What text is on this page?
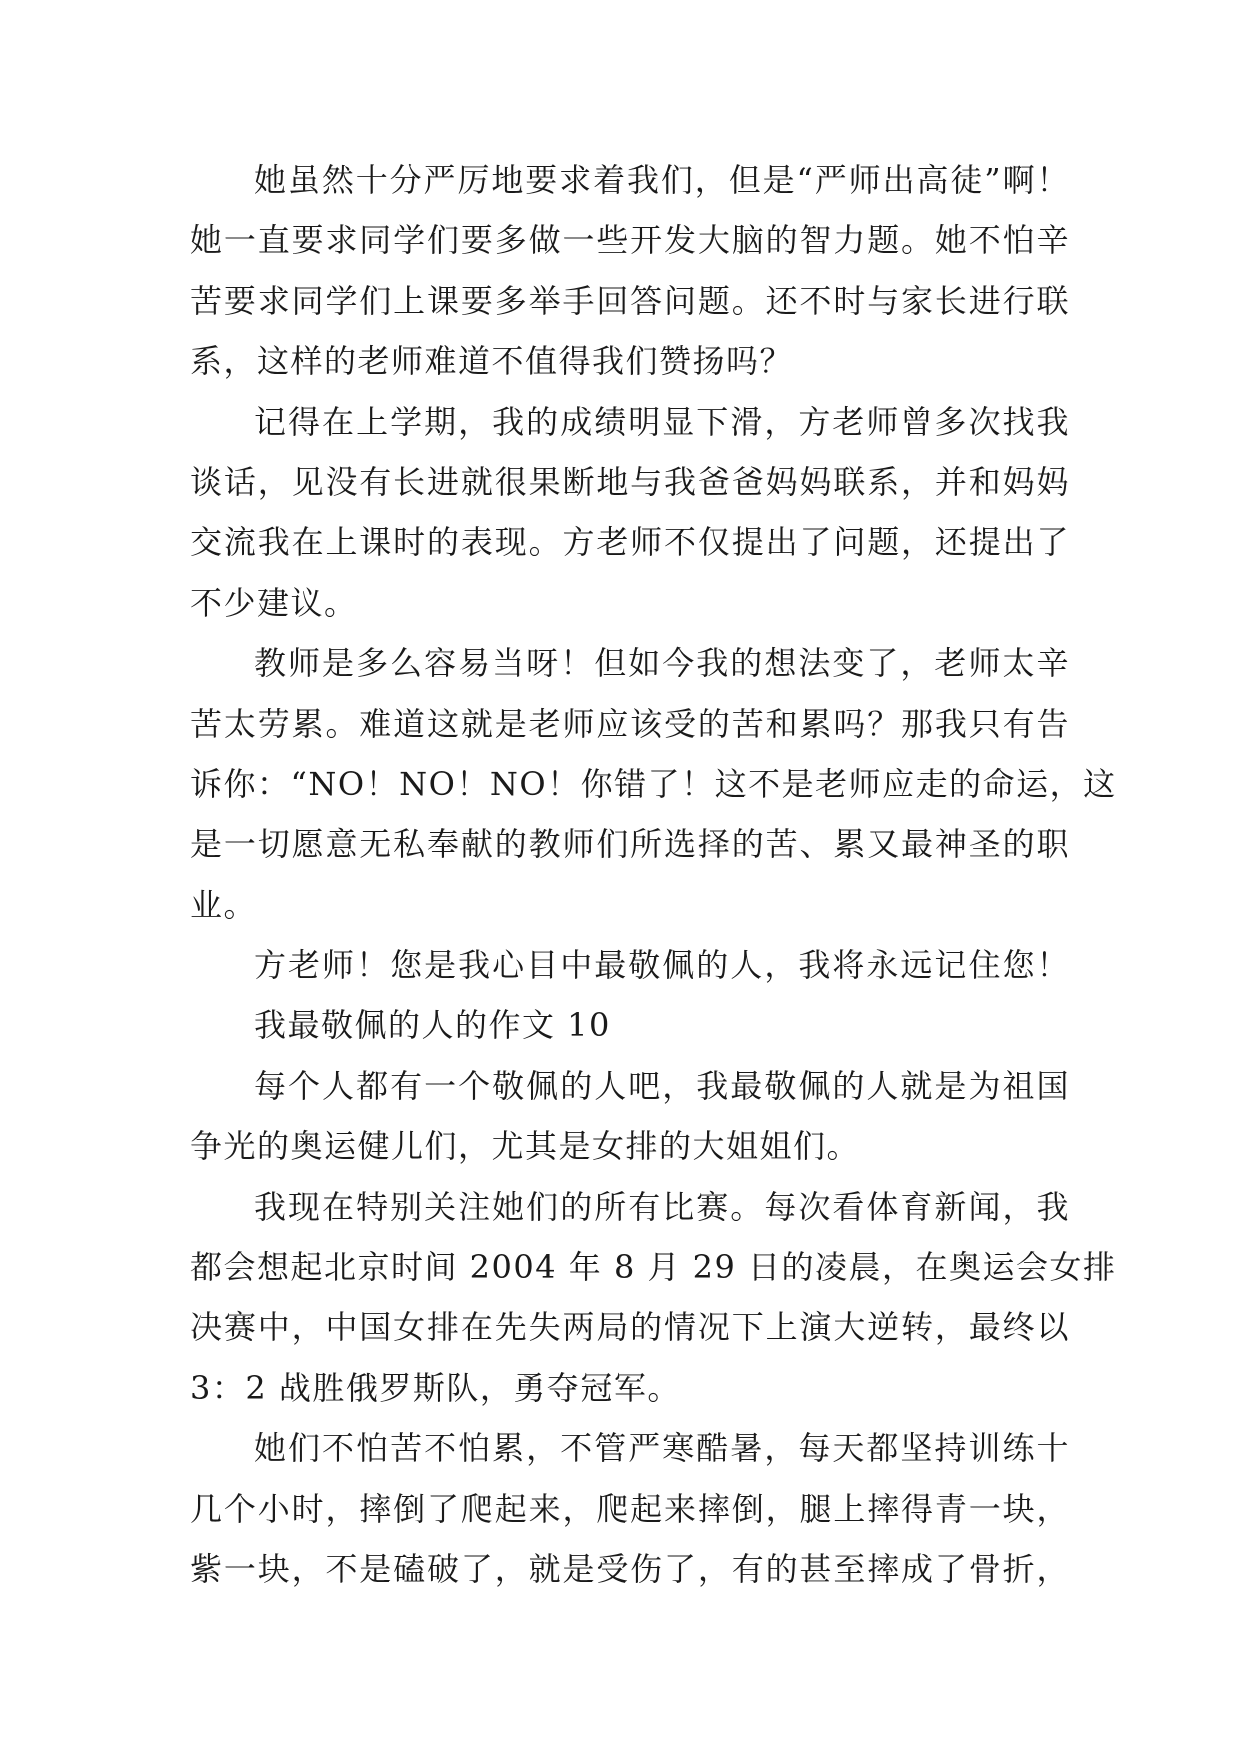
她虽然十分严厉地要求着我们，但是“严师出高徒”啊！
她一直要求同学们要多做一些开发大脑的智力题。她不怕辛
苦要求同学们上课要多举手回答问题。还不时与家长进行联
系，这样的老师难道不值得我们赞扬吗？
记得在上学期，我的成绩明显下滑，方老师曾多次找我
谈话，见没有长进就很果断地与我爸爸妈妈联系，并和妈妈
交流我在上课时的表现。方老师不仅提出了问题，还提出了
不少建议。
教师是多么容易当呀！但如今我的想法变了，老师太辛
苦太劳累。难道这就是老师应该受的苦和累吗？那我只有告
诉你：“NO！NO！NO！你错了！这不是老师应走的命运，这
是一切愿意无私奉献的教师们所选择的苦、累又最神圣的职
业。
方老师！您是我心目中最敬佩的人，我将永远记住您！
我最敬佩的人的作文 10
每个人都有一个敬佩的人吧，我最敬佩的人就是为祖国
争光的奥运健儿们，尤其是女排的大姐姐们。
我现在特别关注她们的所有比赛。每次看体育新闻，我
都会想起北京时间 2004 年 8 月 29 日的凌晨，在奥运会女排
决赛中，中国女排在先失两局的情况下上演大逆转，最终以
3：2 战胜俄罗斯队，勇夺冠军。
她们不怕苦不怕累，不管严寒酷暑，每天都坚持训练十
几个小时，摔倒了爬起来，爬起来摔倒，腿上摔得青一块，
紫一块，不是磕破了，就是受伤了，有的甚至摔成了骨折，
